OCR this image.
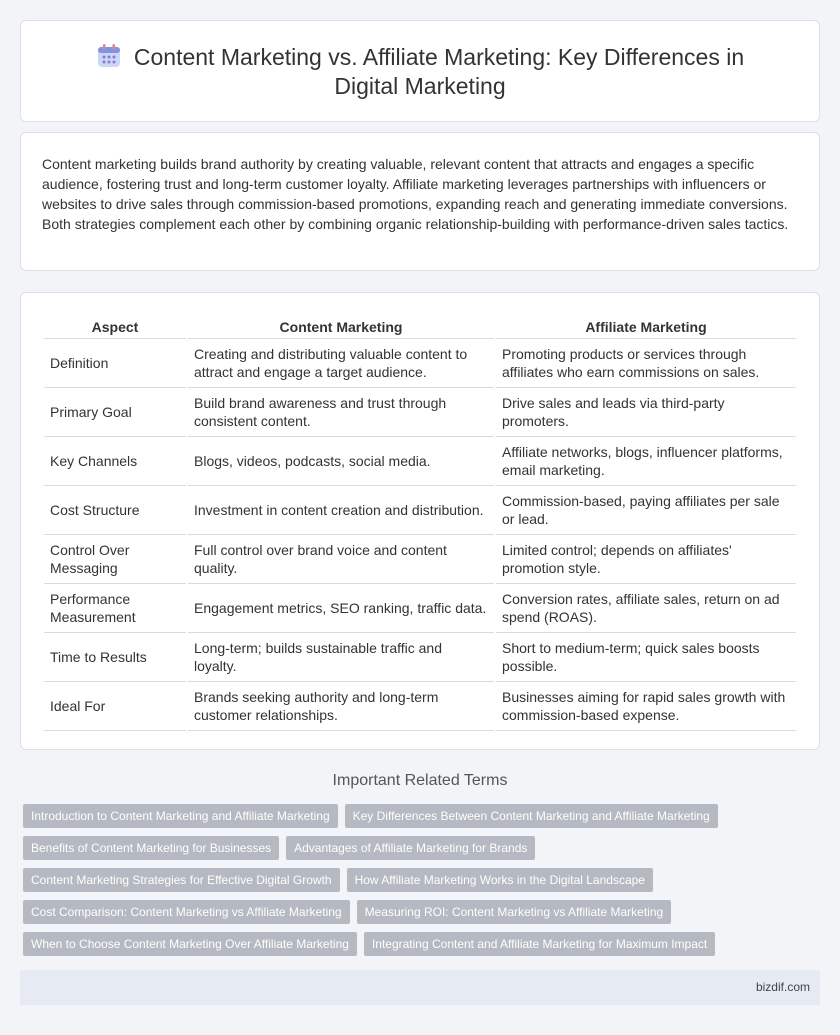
Content Marketing vs. Affiliate Marketing: Key Differences in Digital Marketing

Content marketing builds brand authority by creating valuable, relevant content that attracts and engages a specific audience, fostering trust and long-term customer loyalty. Affiliate marketing leverages partnerships with influencers or websites to drive sales through commission-based promotions, expanding reach and generating immediate conversions. Both strategies complement each other by combining organic relationship-building with performance-driven sales tactics.

Aspect	Content Marketing	Affiliate Marketing
Definition	Creating and distributing valuable content to attract and engage a target audience.	Promoting products or services through affiliates who earn commissions on sales.
Primary Goal	Build brand awareness and trust through consistent content.	Drive sales and leads via third-party promoters.
Key Channels	Blogs, videos, podcasts, social media.	Affiliate networks, blogs, influencer platforms, email marketing.
Cost Structure	Investment in content creation and distribution.	Commission-based, paying affiliates per sale or lead.
Control Over Messaging	Full control over brand voice and content quality.	Limited control; depends on affiliates' promotion style.
Performance Measurement	Engagement metrics, SEO ranking, traffic data.	Conversion rates, affiliate sales, return on ad spend (ROAS).
Time to Results	Long-term; builds sustainable traffic and loyalty.	Short to medium-term; quick sales boosts possible.
Ideal For	Brands seeking authority and long-term customer relationships.	Businesses aiming for rapid sales growth with commission-based expense.
Important Related Terms
Introduction to Content Marketing and Affiliate Marketing	Key Differences Between Content Marketing and Affiliate Marketing
Benefits of Content Marketing for Businesses	Advantages of Affiliate Marketing for Brands
Content Marketing Strategies for Effective Digital Growth	How Affiliate Marketing Works in the Digital Landscape
Cost Comparison: Content Marketing vs Affiliate Marketing	Measuring ROI: Content Marketing vs Affiliate Marketing
When to Choose Content Marketing Over Affiliate Marketing	Integrating Content and Affiliate Marketing for Maximum Impact
bizdif.com
